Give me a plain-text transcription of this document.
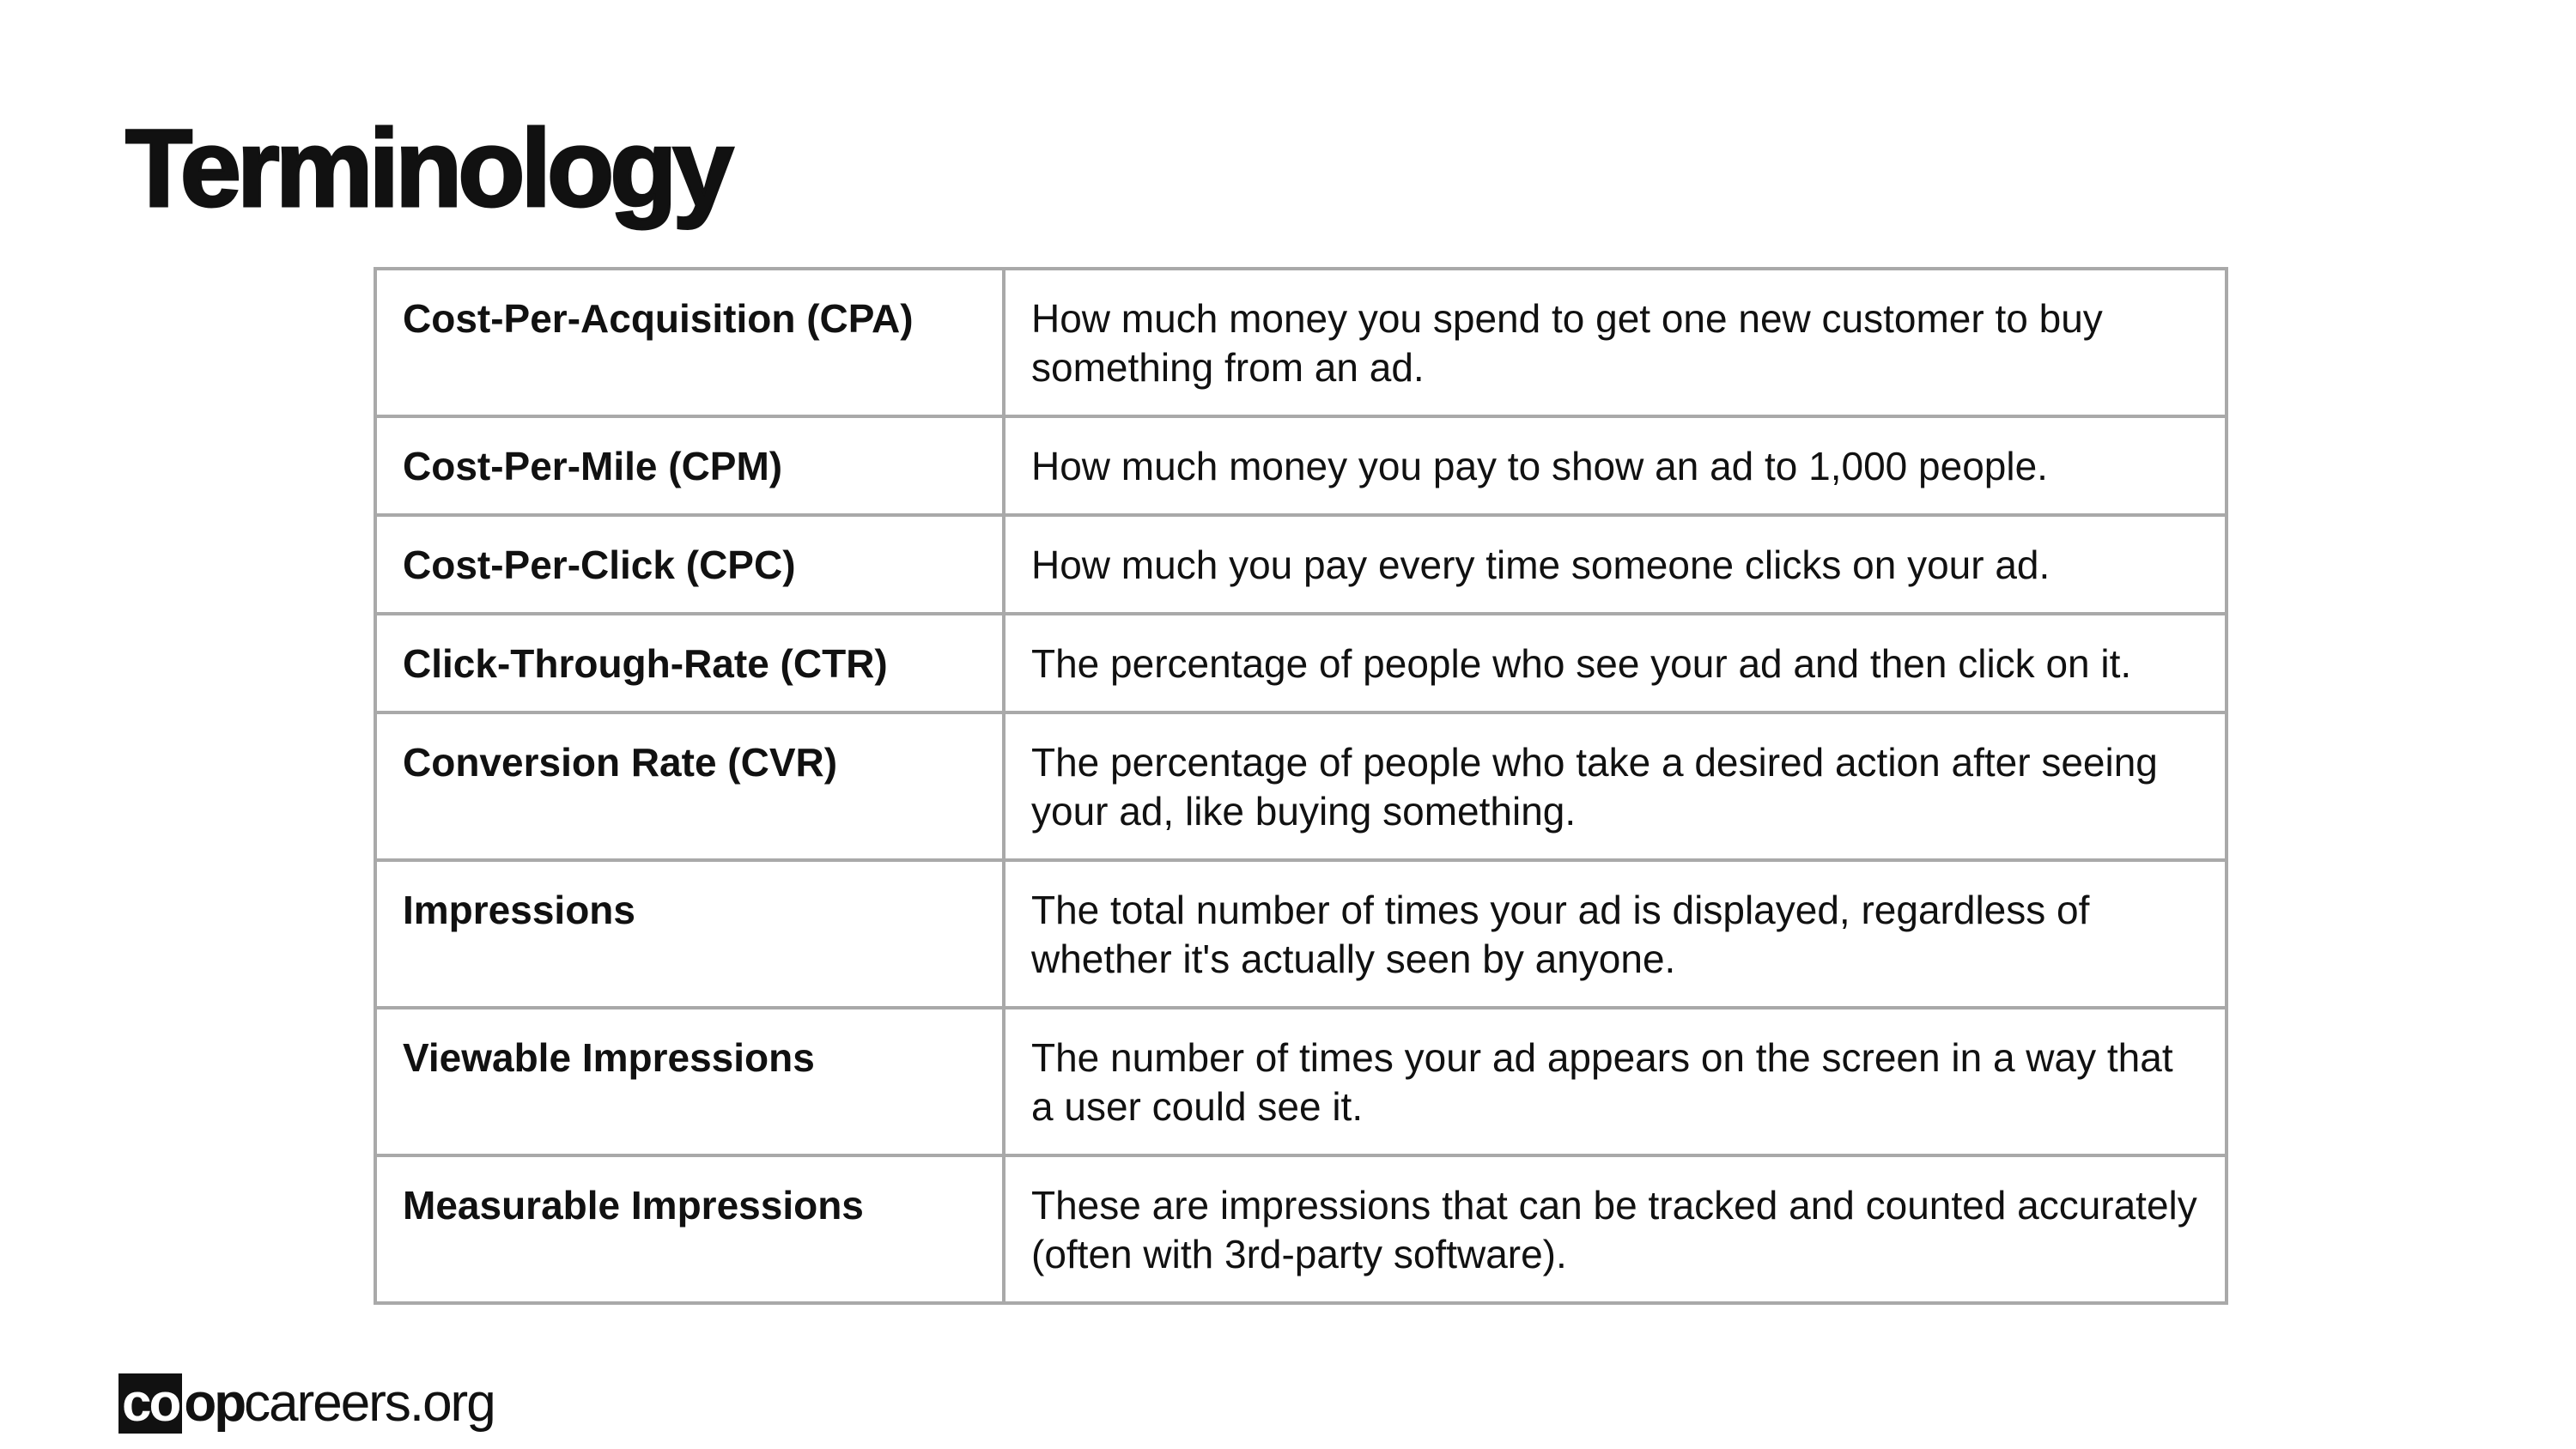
Terminology
Cost-Per-Acquisition (CPA)	How much money you spend to get one new customer to buy something from an ad.
Cost-Per-Mile (CPM)	How much money you pay to show an ad to 1,000 people.
Cost-Per-Click (CPC)	How much you pay every time someone clicks on your ad.
Click-Through-Rate (CTR)	The percentage of people who see your ad and then click on it.
Conversion Rate (CVR)	The percentage of people who take a desired action after seeing your ad, like buying something.
Impressions	The total number of times your ad is displayed, regardless of whether it's actually seen by anyone.
Viewable Impressions	The number of times your ad appears on the screen in a way that a user could see it.
Measurable Impressions	These are impressions that can be tracked and counted accurately (often with 3rd-party software).
co op careers.org
